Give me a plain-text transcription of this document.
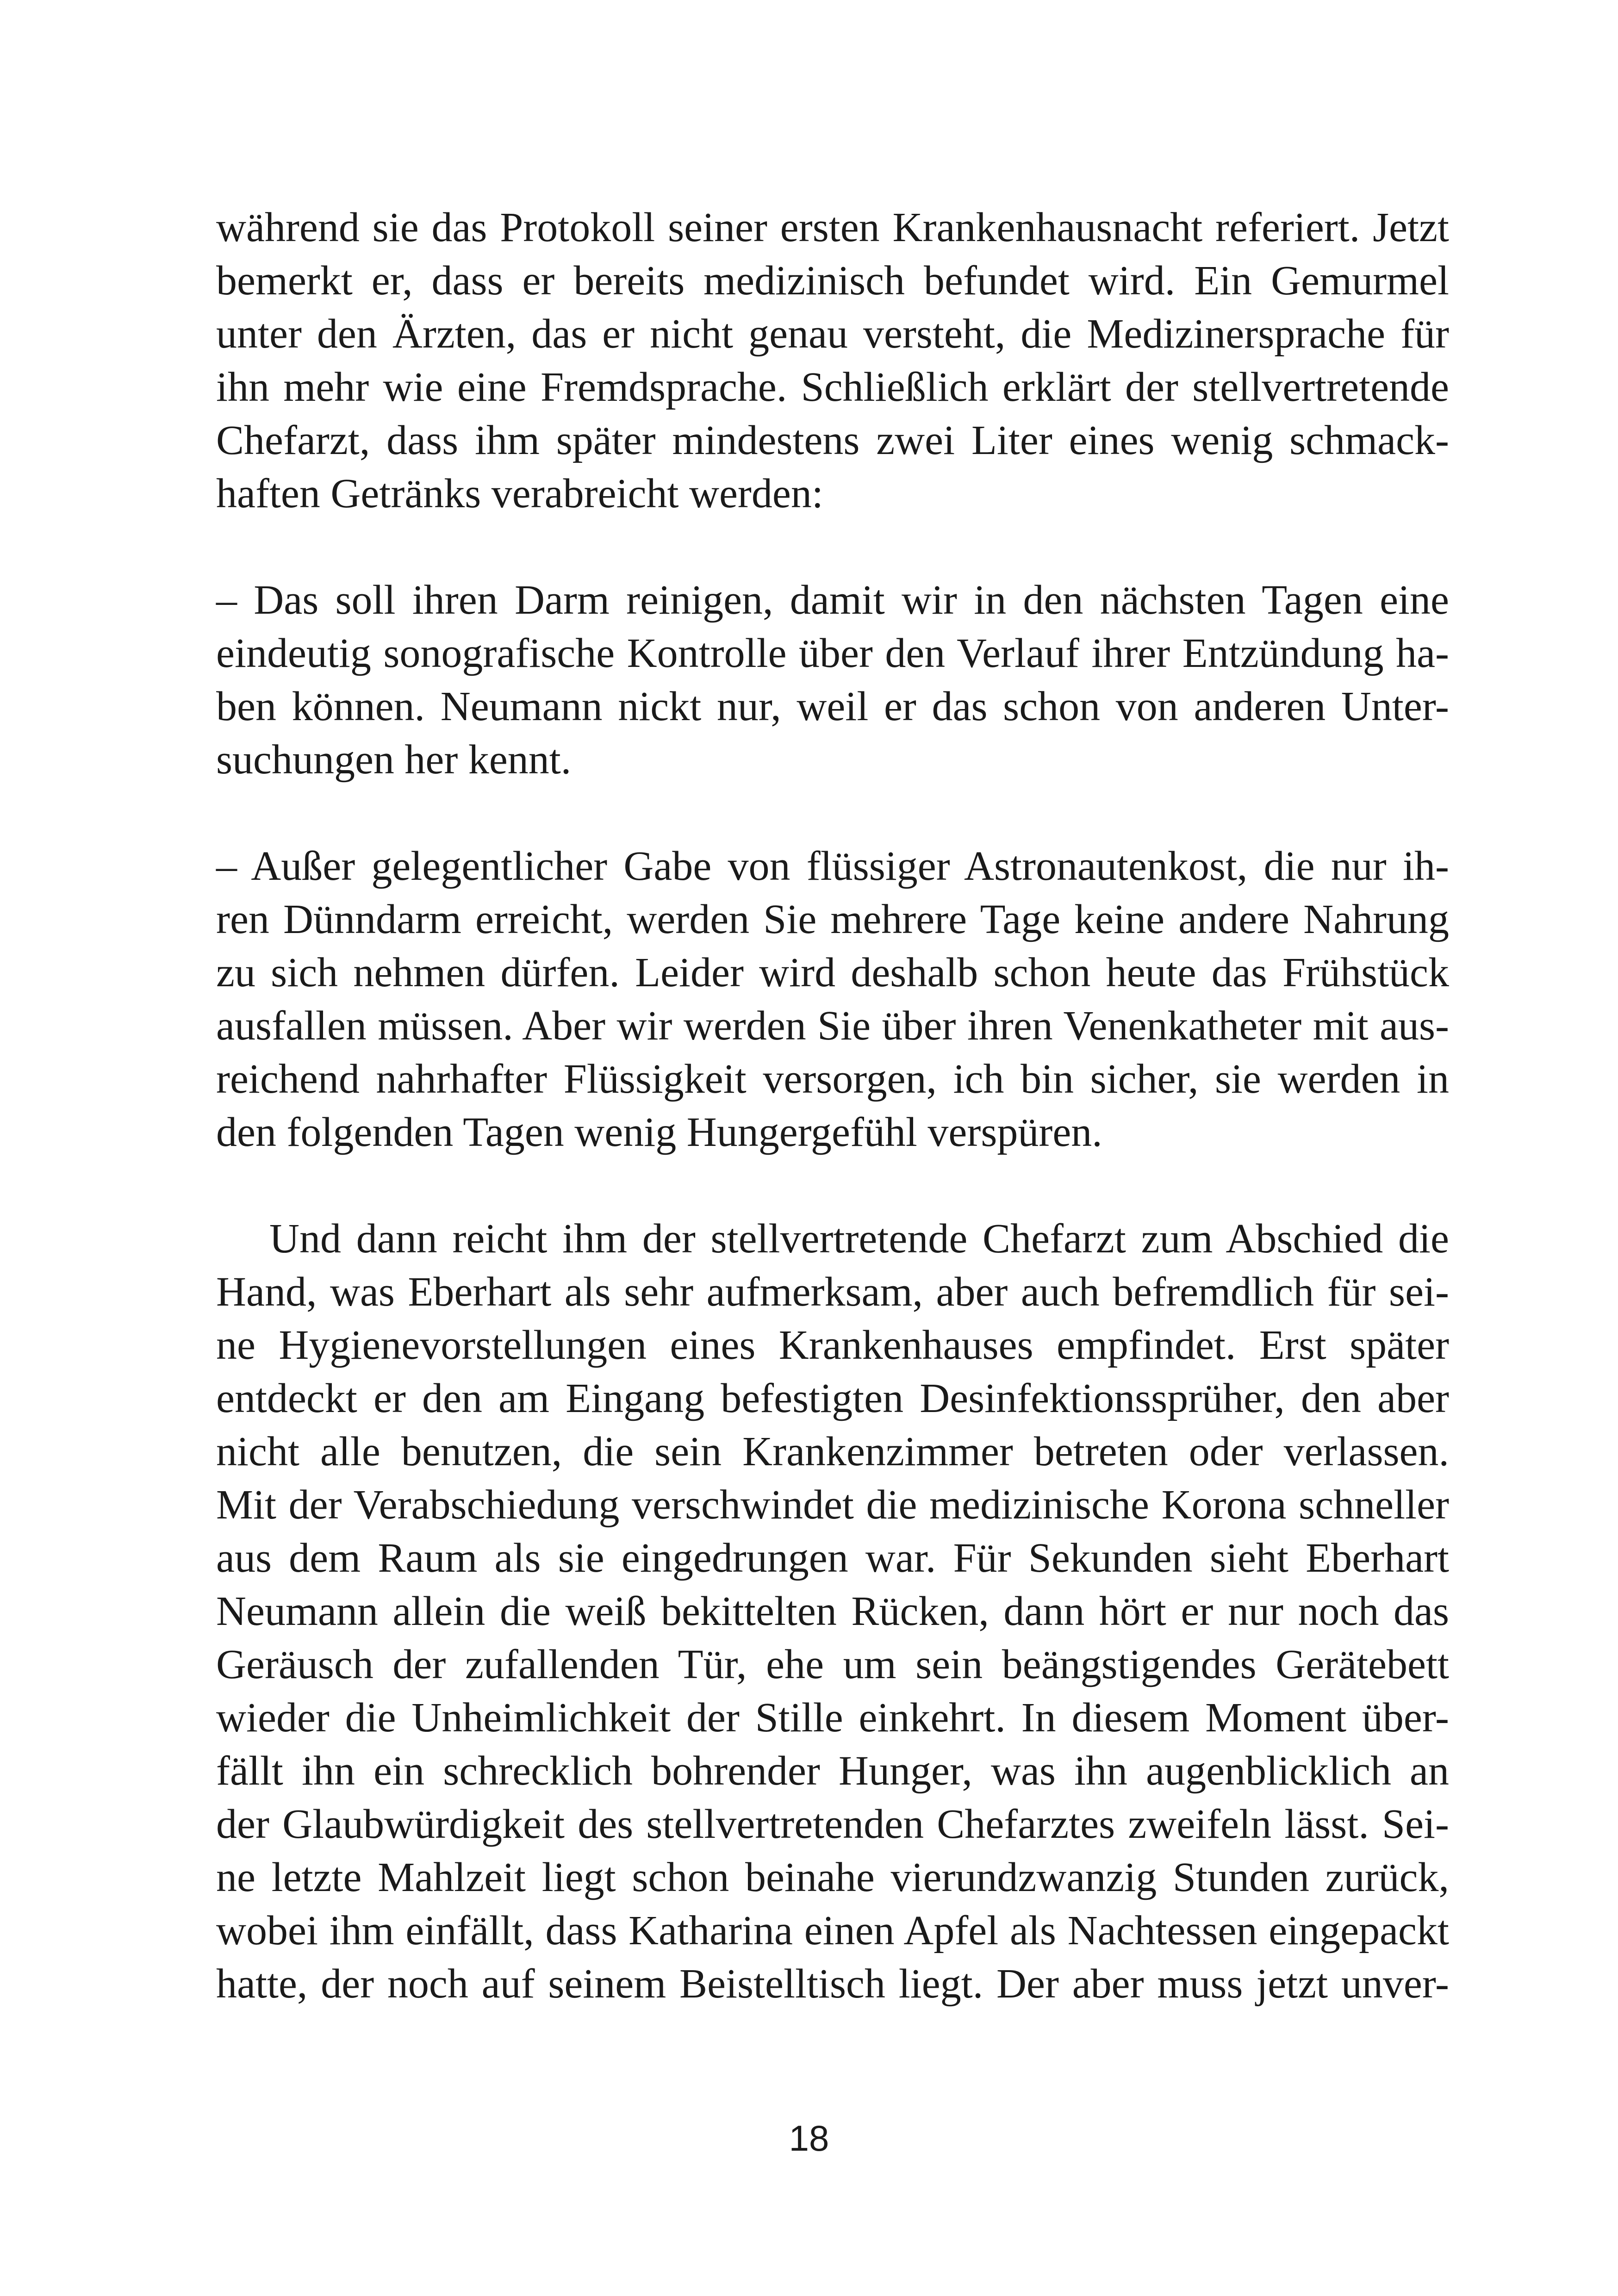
während sie das Protokoll seiner ersten Krankenhausnacht referiert. Jetzt
bemerkt er, dass er bereits medizinisch befundet wird. Ein Gemurmel
unter den Ärzten, das er nicht genau versteht, die Medizinersprache für
ihn mehr wie eine Fremdsprache. Schließlich erklärt der stellvertretende
Chefarzt, dass ihm später mindestens zwei Liter eines wenig schmack-
haften Getränks verabreicht werden:
– Das soll ihren Darm reinigen, damit wir in den nächsten Tagen eine
eindeutig sonografische Kontrolle über den Verlauf ihrer Entzündung ha-
ben können. Neumann nickt nur, weil er das schon von anderen Unter-
suchungen her kennt.
– Außer gelegentlicher Gabe von flüssiger Astronautenkost, die nur ih-
ren Dünndarm erreicht, werden Sie mehrere Tage keine andere Nahrung
zu sich nehmen dürfen. Leider wird deshalb schon heute das Frühstück
ausfallen müssen. Aber wir werden Sie über ihren Venenkatheter mit aus-
reichend nahrhafter Flüssigkeit versorgen, ich bin sicher, sie werden in
den folgenden Tagen wenig Hungergefühl verspüren.
Und dann reicht ihm der stellvertretende Chefarzt zum Abschied die
Hand, was Eberhart als sehr aufmerksam, aber auch befremdlich für sei-
ne Hygienevorstellungen eines Krankenhauses empfindet. Erst später
entdeckt er den am Eingang befestigten Desinfektionssprüher, den aber
nicht alle benutzen, die sein Krankenzimmer betreten oder verlassen.
Mit der Verabschiedung verschwindet die medizinische Korona schneller
aus dem Raum als sie eingedrungen war. Für Sekunden sieht Eberhart
Neumann allein die weiß bekittelten Rücken, dann hört er nur noch das
Geräusch der zufallenden Tür, ehe um sein beängstigendes Gerätebett
wieder die Unheimlichkeit der Stille einkehrt. In diesem Moment über-
fällt ihn ein schrecklich bohrender Hunger, was ihn augenblicklich an
der Glaubwürdigkeit des stellvertretenden Chefarztes zweifeln lässt. Sei-
ne letzte Mahlzeit liegt schon beinahe vierundzwanzig Stunden zurück,
wobei ihm einfällt, dass Katharina einen Apfel als Nachtessen eingepackt
hatte, der noch auf seinem Beistelltisch liegt. Der aber muss jetzt unver-
18
